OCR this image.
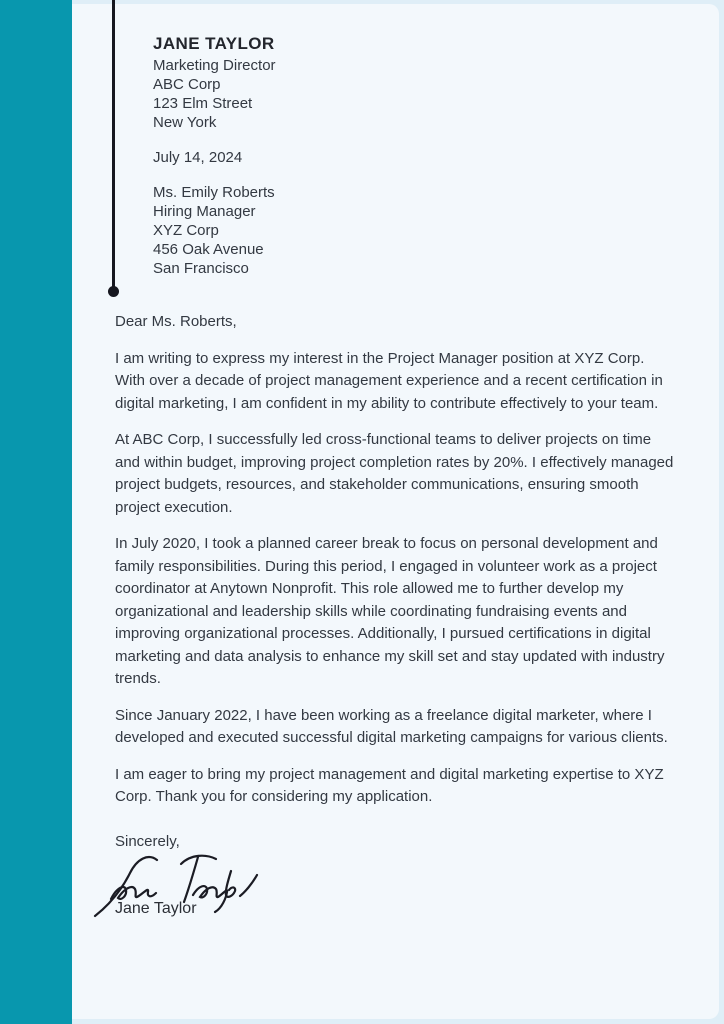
JANE TAYLOR
Marketing Director
ABC Corp
123 Elm Street
New York
July 14, 2024
Ms. Emily Roberts
Hiring Manager
XYZ Corp
456 Oak Avenue
San Francisco

Dear Ms. Roberts,

I am writing to express my interest in the Project Manager position at XYZ Corp. With over a decade of project management experience and a recent certification in digital marketing, I am confident in my ability to contribute effectively to your team.

At ABC Corp, I successfully led cross-functional teams to deliver projects on time and within budget, improving project completion rates by 20%. I effectively managed project budgets, resources, and stakeholder communications, ensuring smooth project execution.

In July 2020, I took a planned career break to focus on personal development and family responsibilities. During this period, I engaged in volunteer work as a project coordinator at Anytown Nonprofit. This role allowed me to further develop my organizational and leadership skills while coordinating fundraising events and improving organizational processes. Additionally, I pursued certifications in digital marketing and data analysis to enhance my skill set and stay updated with industry trends.

Since January 2022, I have been working as a freelance digital marketer, where I developed and executed successful digital marketing campaigns for various clients.

I am eager to bring my project management and digital marketing expertise to XYZ Corp. Thank you for considering my application.

Sincerely,
Jane Taylor
